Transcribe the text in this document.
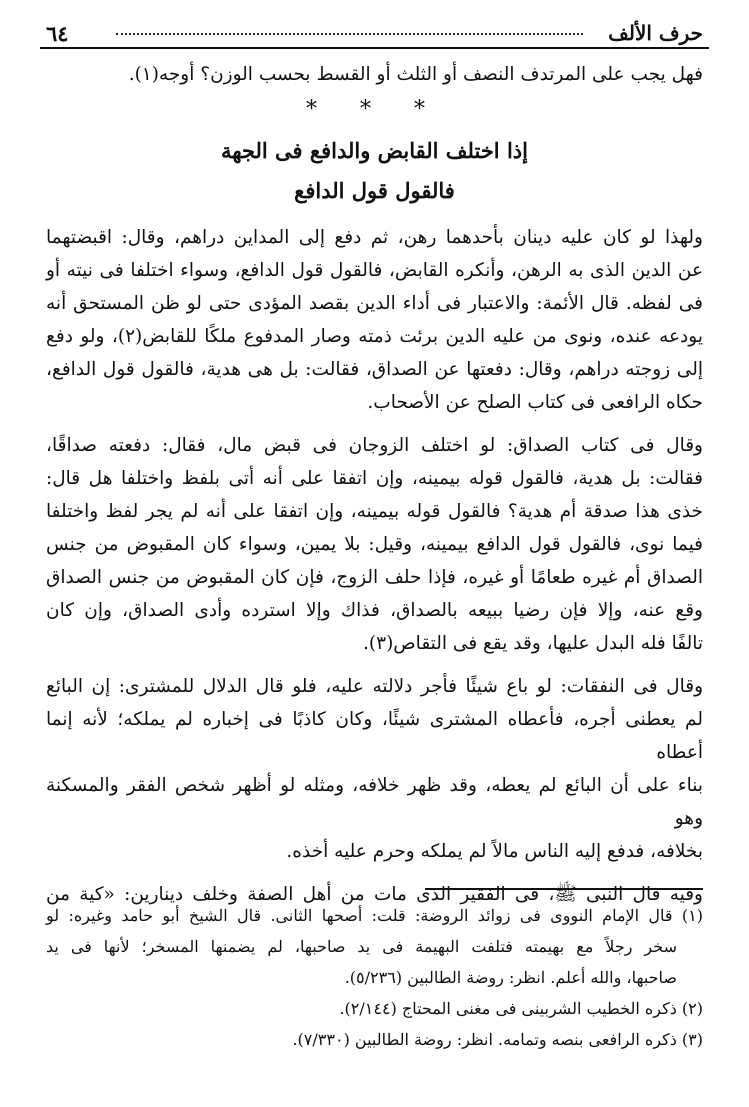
٦٤	حرف الألف

فهل يجب على المرتدف النصف أو الثلث أو القسط بحسب الوزن؟ أوجه(١).

* * *

إذا اختلف القابض والدافع فى الجهة

فالقول قول الدافع

ولهذا لو كان عليه دينان بأحدهما رهن، ثم دفع إلى المداين دراهم، وقال: اقبضتهما

عن الدين الذى به الرهن، وأنكره القابض، فالقول قول الدافع، وسواء اختلفا فى نيته أو

فى لفظه. قال الأئمة: والاعتبار فى أداء الدين بقصد المؤدى حتى لو ظن المستحق أنه

يودعه عنده، ونوى من عليه الدين برئت ذمته وصار المدفوع ملكًا للقابض(٢)، ولو دفع

إلى زوجته دراهم، وقال: دفعتها عن الصداق، فقالت: بل هى هدية، فالقول قول الدافع،

حكاه الرافعى فى كتاب الصلح عن الأصحاب.

وقال فى كتاب الصداق: لو اختلف الزوجان فى قبض مال، فقال: دفعته صداقًا،

فقالت: بل هدية، فالقول قوله بيمينه، وإن اتفقا على أنه أتى بلفظ واختلفا هل قال:

خذى هذا صدقة أم هدية؟ فالقول قوله بيمينه، وإن اتفقا على أنه لم يجر لفظ واختلفا

فيما نوى، فالقول قول الدافع بيمينه، وقيل: بلا يمين، وسواء كان المقبوض من جنس

الصداق أم غيره طعامًا أو غيره، فإذا حلف الزوج، فإن كان المقبوض من جنس الصداق

وقع عنه، وإلا فإن رضيا ببيعه بالصداق، فذاك وإلا استرده وأدى الصداق، وإن كان

تالفًا فله البدل عليها، وقد يقع فى التقاص(٣).

وقال فى النفقات: لو باع شيئًا فأجر دلالته عليه، فلو قال الدلال للمشترى: إن البائع

لم يعطنى أجره، فأعطاه المشترى شيئًا، وكان كاذبًا فى إخباره لم يملكه؛ لأنه إنما أعطاه

بناء على أن البائع لم يعطه، وقد ظهر خلافه، ومثله لو أظهر شخص الفقر والمسكنة وهو

بخلافه، فدفع إليه الناس مالاً لم يملكه وحرم عليه أخذه.

وفيه قال النبى ﷺ، فى الفقير الذى مات من أهل الصفة وخلف دينارين: «كية من

(١) قال الإمام النووى فى زوائد الروضة: قلت: أصحها الثانى. قال الشيخ أبو حامد وغيره: لو

سخر رجلاً مع بهيمته فتلفت البهيمة فى يد صاحبها، لم يضمنها المسخر؛ لأنها فى يد

صاحبها، والله أعلم. انظر: روضة الطالبين (٥/٢٣٦).

(٢) ذكره الخطيب الشربينى فى مغنى المحتاج (٢/١٤٤).

(٣) ذكره الرافعى بنصه وتمامه. انظر: روضة الطالبين (٧/٣٣٠).
